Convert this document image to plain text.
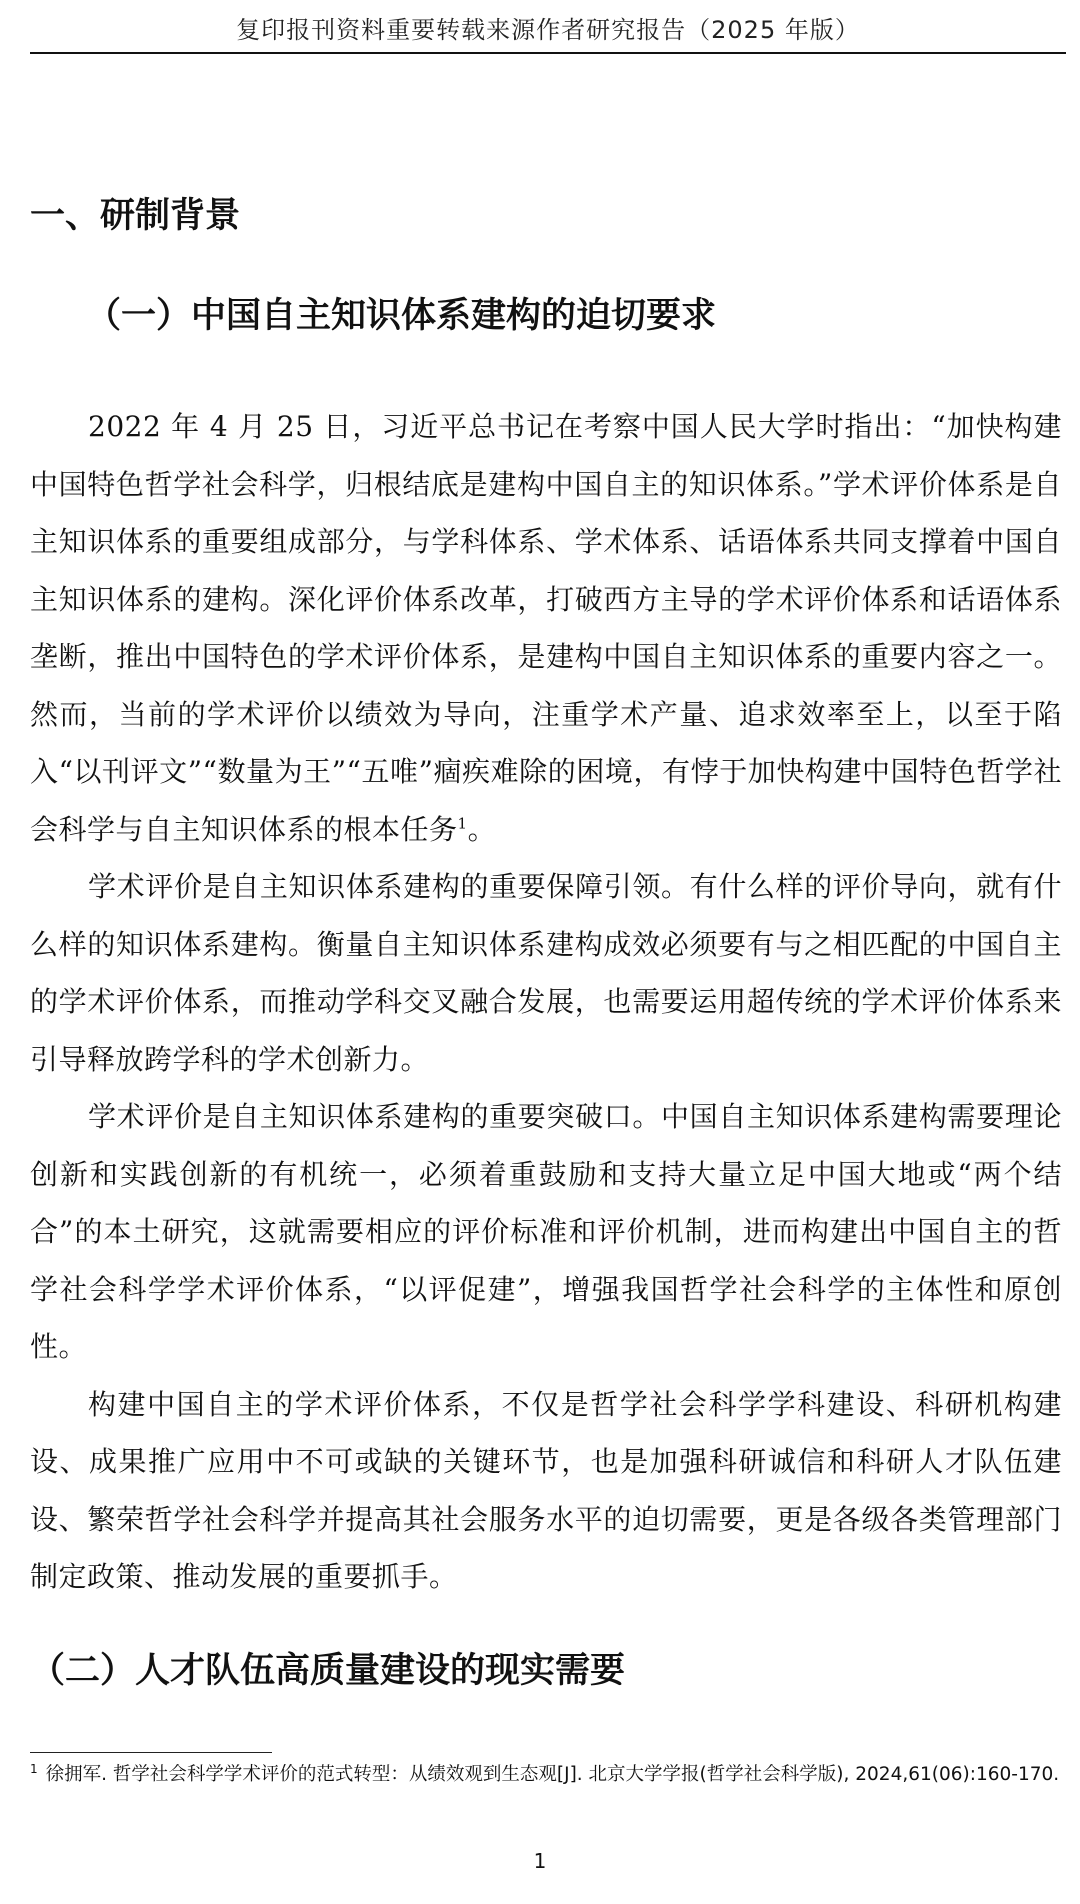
复印报刊资料重要转载来源作者研究报告（2025 年版）
一、研制背景
（一）中国自主知识体系建构的迫切要求

2022 年 4 月 25 日，习近平总书记在考察中国人民大学时指出：“加快构建中国特色哲学社会科学，归根结底是建构中国自主的知识体系。”学术评价体系是自主知识体系的重要组成部分，与学科体系、学术体系、话语体系共同支撑着中国自主知识体系的建构。深化评价体系改革，打破西方主导的学术评价体系和话语体系垄断，推出中国特色的学术评价体系，是建构中国自主知识体系的重要内容之一。然而，当前的学术评价以绩效为导向，注重学术产量、追求效率至上，以至于陷入“以刊评文”“数量为王”“五唯”痼疾难除的困境，有悖于加快构建中国特色哲学社会科学与自主知识体系的根本任务$^1$。

学术评价是自主知识体系建构的重要保障引领。有什么样的评价导向，就有什么样的知识体系建构。衡量自主知识体系建构成效必须要有与之相匹配的中国自主的学术评价体系，而推动学科交叉融合发展，也需要运用超传统的学术评价体系来引导释放跨学科的学术创新力。

学术评价是自主知识体系建构的重要突破口。中国自主知识体系建构需要理论创新和实践创新的有机统一，必须着重鼓励和支持大量立足中国大地或“两个结合”的本土研究，这就需要相应的评价标准和评价机制，进而构建出中国自主的哲学社会科学学术评价体系，“以评促建”，增强我国哲学社会科学的主体性和原创性。

构建中国自主的学术评价体系，不仅是哲学社会科学学科建设、科研机构建设、成果推广应用中不可或缺的关键环节，也是加强科研诚信和科研人才队伍建设、繁荣哲学社会科学并提高其社会服务水平的迫切需要，更是各级各类管理部门制定政策、推动发展的重要抓手。

（二）人才队伍高质量建设的现实需要
$^1$ 徐拥军. 哲学社会科学学术评价的范式转型：从绩效观到生态观[J]. 北京大学学报(哲学社会科学版), 2024,61(06):160-170.
1
